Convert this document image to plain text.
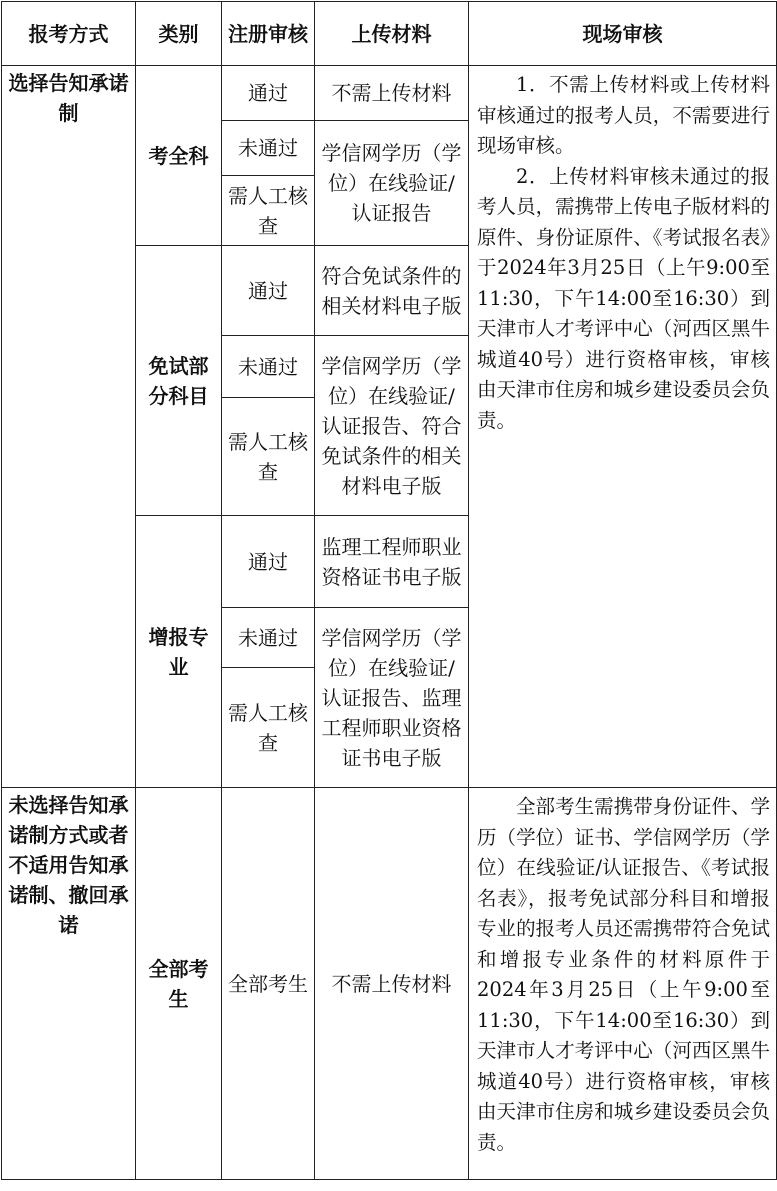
报考方式	类别	注册审核	上传材料	现场审核
选择告知承诺制	考全科	通过	不需上传材料	1．不需上传材料或上传材料审核通过的报考人员，不需要进行现场审核。

2．上传材料审核未通过的报考人员，需携带上传电子版材料的原件、身份证原件、《考试报名表》于2024年3月25日（上午9:00至11:30，下午14:00至16:30）到天津市人才考评中心（河西区黑牛城道40号）进行资格审核，审核由天津市住房和城乡建设委员会负责。

		未通过	学信网学历（学位）在线验证/认证报告	
		需人工核查		
	免试部分科目	通过	符合免试条件的相关材料电子版	
		未通过	学信网学历（学位）在线验证/认证报告、符合免试条件的相关材料电子版	
		需人工核查		
	增报专业	通过	监理工程师职业资格证书电子版	
		未通过	学信网学历（学位）在线验证/认证报告、监理工程师职业资格证书电子版	
		需人工核查		

未选择告知承诺制方式或者不适用告知承诺制、撤回承诺	全部考生	全部考生	不需上传材料	全部考生需携带身份证件、学历（学位）证书、学信网学历（学位）在线验证/认证报告、《考试报名表》，报考免试部分科目和增报专业的报考人员还需携带符合免试和增报专业条件的材料原件于2024年3月25日（上午9:00至11:30，下午14:00至16:30）到天津市人才考评中心（河西区黑牛城道40号）进行资格审核，审核由天津市住房和城乡建设委员会负责。
